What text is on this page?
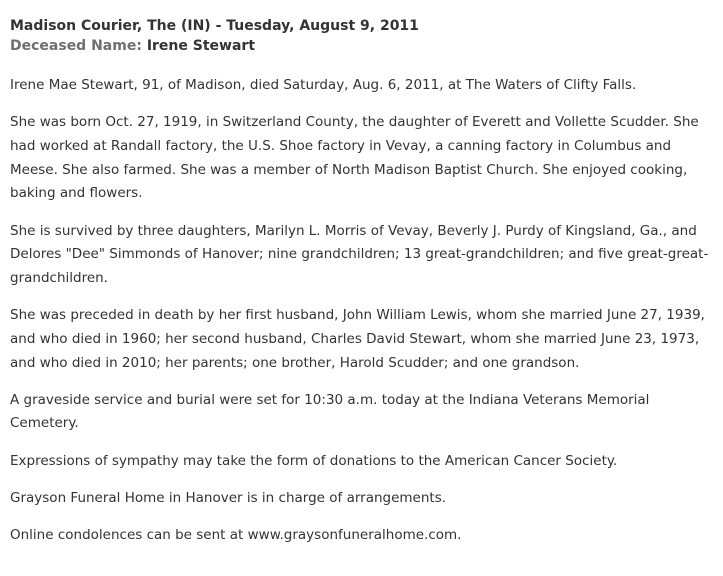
Madison Courier, The (IN) - Tuesday, August 9, 2011
Deceased Name: Irene Stewart

Irene Mae Stewart, 91, of Madison, died Saturday, Aug. 6, 2011, at The Waters of Clifty Falls.

She was born Oct. 27, 1919, in Switzerland County, the daughter of Everett and Vollette Scudder. She had worked at Randall factory, the U.S. Shoe factory in Vevay, a canning factory in Columbus and Meese. She also farmed. She was a member of North Madison Baptist Church. She enjoyed cooking, baking and flowers.

She is survived by three daughters, Marilyn L. Morris of Vevay, Beverly J. Purdy of Kingsland, Ga., and Delores "Dee" Simmonds of Hanover; nine grandchildren; 13 great-grandchildren; and five great-great-grandchildren.

She was preceded in death by her first husband, John William Lewis, whom she married June 27, 1939, and who died in 1960; her second husband, Charles David Stewart, whom she married June 23, 1973, and who died in 2010; her parents; one brother, Harold Scudder; and one grandson.

A graveside service and burial were set for 10:30 a.m. today at the Indiana Veterans Memorial Cemetery.

Expressions of sympathy may take the form of donations to the American Cancer Society.

Grayson Funeral Home in Hanover is in charge of arrangements.

Online condolences can be sent at www.graysonfuneralhome.com.
